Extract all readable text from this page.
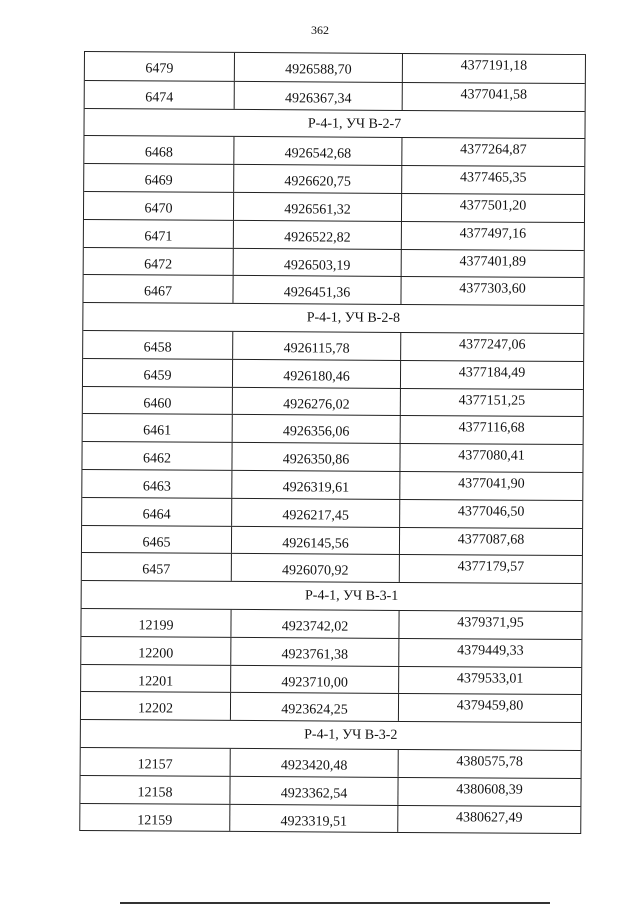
362
6479	4926588,70	4377191,18
6474	4926367,34	4377041,58
Р-4-1, УЧ В-2-7
6468	4926542,68	4377264,87
6469	4926620,75	4377465,35
6470	4926561,32	4377501,20
6471	4926522,82	4377497,16
6472	4926503,19	4377401,89
6467	4926451,36	4377303,60
Р-4-1, УЧ В-2-8
6458	4926115,78	4377247,06
6459	4926180,46	4377184,49
6460	4926276,02	4377151,25
6461	4926356,06	4377116,68
6462	4926350,86	4377080,41
6463	4926319,61	4377041,90
6464	4926217,45	4377046,50
6465	4926145,56	4377087,68
6457	4926070,92	4377179,57
Р-4-1, УЧ В-3-1
12199	4923742,02	4379371,95
12200	4923761,38	4379449,33
12201	4923710,00	4379533,01
12202	4923624,25	4379459,80
Р-4-1, УЧ В-3-2
12157	4923420,48	4380575,78
12158	4923362,54	4380608,39
12159	4923319,51	4380627,49
